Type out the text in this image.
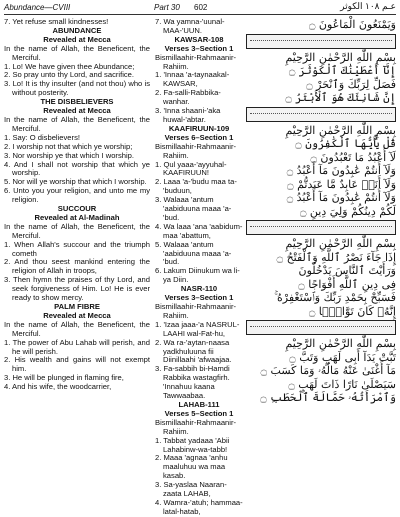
Abundance—CVIII	Part 30 602	عـم ١٠٨ الكوثر
7. Yet refuse small kindnesses!
ABUNDANCE
Revealed at Mecca
In the name of Allah, the Beneficent, the Merciful.
1. Lo! We have given thee Abundance;
2. So pray unto thy Lord, and sacrifice.
3. Lo! It is thy insulter (and not thou) who is without posterity.
THE DISBELIEVERS
Revealed at Mecca
In the name of Allah, the Beneficent, the Merciful.
1. Say: O disbelievers!
2. I worship not that which ye worship;
3. Nor worship ye that which I worship.
4. And I shall not worship that which ye worship.
5. Nor will ye worship that which I worship.
6. Unto you your religion, and unto me my religion.
SUCCOUR
Revealed at Al-Madinah
In the name of Allah, the Beneficent, the Merciful.
1. When Allah's succour and the triumph cometh
2. And thou seest mankind entering the religion of Allah in troops,
3. Then hymn the praises of thy Lord, and seek forgiveness of Him. Lo! He is ever ready to show mercy.
PALM FIBRE
Revealed at Mecca
In the name of Allah, the Beneficent, the Merciful.
1. The power of Abu Lahab will perish, and he will perish.
2. His wealth and gains will not exempt him.
3. He will be plunged in flaming fire,
4. And his wife, the woodcarrier,
7. Wa yamna-'uunal-MAA-'UUN.
KAWSAR-108
Verses 3–Section 1
Bismillaahir-Rahmaanir-Rahiim.
1. 'Innaa 'a-taynaakal-KAWSAR,
2. Fa-salli-Rabbika-wanhar.
3. 'Inna shaani-'aka huwal-'abtar.
KAAFIRUUN-109
Verses 6–Section 1
Bismillaahir-Rahmaanir-Rahiim.
1. Qul yaaa-'ayyuhal-KAAFIRUUN!
2. Laaa 'a-'budu maa ta-'buduun,
3. Walaaa 'antum 'aabiduuna maaa 'a-'bud.
4. Wa laaa 'ana 'aabidum-maa 'abattum,
5. Walaaa 'antum 'aabiduuna maaa 'a-'bud.
6. Lakum Diinukum wa li-ya Diin.
NASR-110
Verses 3–Section 1
Bismillaahir-Rahmaanir-Rahiim.
1. 'Izaa jaaa-'a NASRUL-LAAHI wal-Fat-hu,
2. Wa ra-'aytan-naasa yadkhuluuna fii Diinillaahi 'afwaajaa.
3. Fa-sabbih bi-Hamdi Rabbika wastagfirh. 'Innahuu kaana Tawwaabaa.
LAHAB-111
Verses 5–Section 1
Bismillaahir-Rahmaanir-Rahiim.
1. Tabbat yadaaa 'Abii Lahabinw-wa-tabb!
2. Maaa 'agnaa 'anhu maaluhuu wa maa kasab.
3. Sa-yaslaa Naaran-zaata LAHAB,
4. Wamra-'atuh; hammaa-latal-hatab,
وَيَمْنَعُونَ الْمَاعُونَ ۝
بِسْمِ اللّٰهِ الرَّحْمٰنِ الرَّحِيْمِ
إِنَّآ أَعْطَيْنَٰكَ ٱلْكَوْثَرَ ۝
فَصَلِّ لِرَبِّكَ وَٱنْحَرْ ۝
إِنَّ شَانِئَكَ هُوَ ٱلْأَبْتَرُ ۝
بِسْمِ اللّٰهِ الرَّحْمٰنِ الرَّحِيْمِ
قُلْ يَٰٓأَيُّهَا ٱلْكَٰفِرُونَ ۝
لَآ أَعْبُدُ مَا تَعْبُدُونَ ۝
وَلَآ أَنتُمْ عَٰبِدُونَ مَآ أَعْبُدُ ۝
وَلَآ أَنَا۠ عَابِدٌ مَّا عَبَدتُّمْ ۝
وَلَآ أَنتُمْ عَٰبِدُونَ مَآ أَعْبُدُ ۝
لَكُمْ دِينُكُمْ وَلِيَ دِينِ ۝
بِسْمِ اللّٰهِ الرَّحْمٰنِ الرَّحِيْمِ
إِذَا جَآءَ نَصْرُ ٱللَّهِ وَٱلْفَتْحُ ۝
وَرَأَيْتَ ٱلنَّاسَ يَدْخُلُونَ
فِى دِينِ ٱللَّهِ أَفْوَاجًا ۝
فَسَبِّحْ بِحَمْدِ رَبِّكَ وَٱسْتَغْفِرْهُ ۚ
إِنَّهُۥ كَانَ تَوَّابًۢا ۝
بِسْمِ اللّٰهِ الرَّحْمٰنِ الرَّحِيْمِ
تَبَّتْ يَدَآ أَبِى لَهَبٍ وَتَبَّ ۝
مَآ أَغْنَىٰ عَنْهُ مَالُهُۥ وَمَا كَسَبَ ۝
سَيَصْلَىٰ نَارًا ذَاتَ لَهَبٍ ۝
وَٱمْرَأَتُهُۥ حَمَّالَةَ ٱلْحَطَبِ ۝
